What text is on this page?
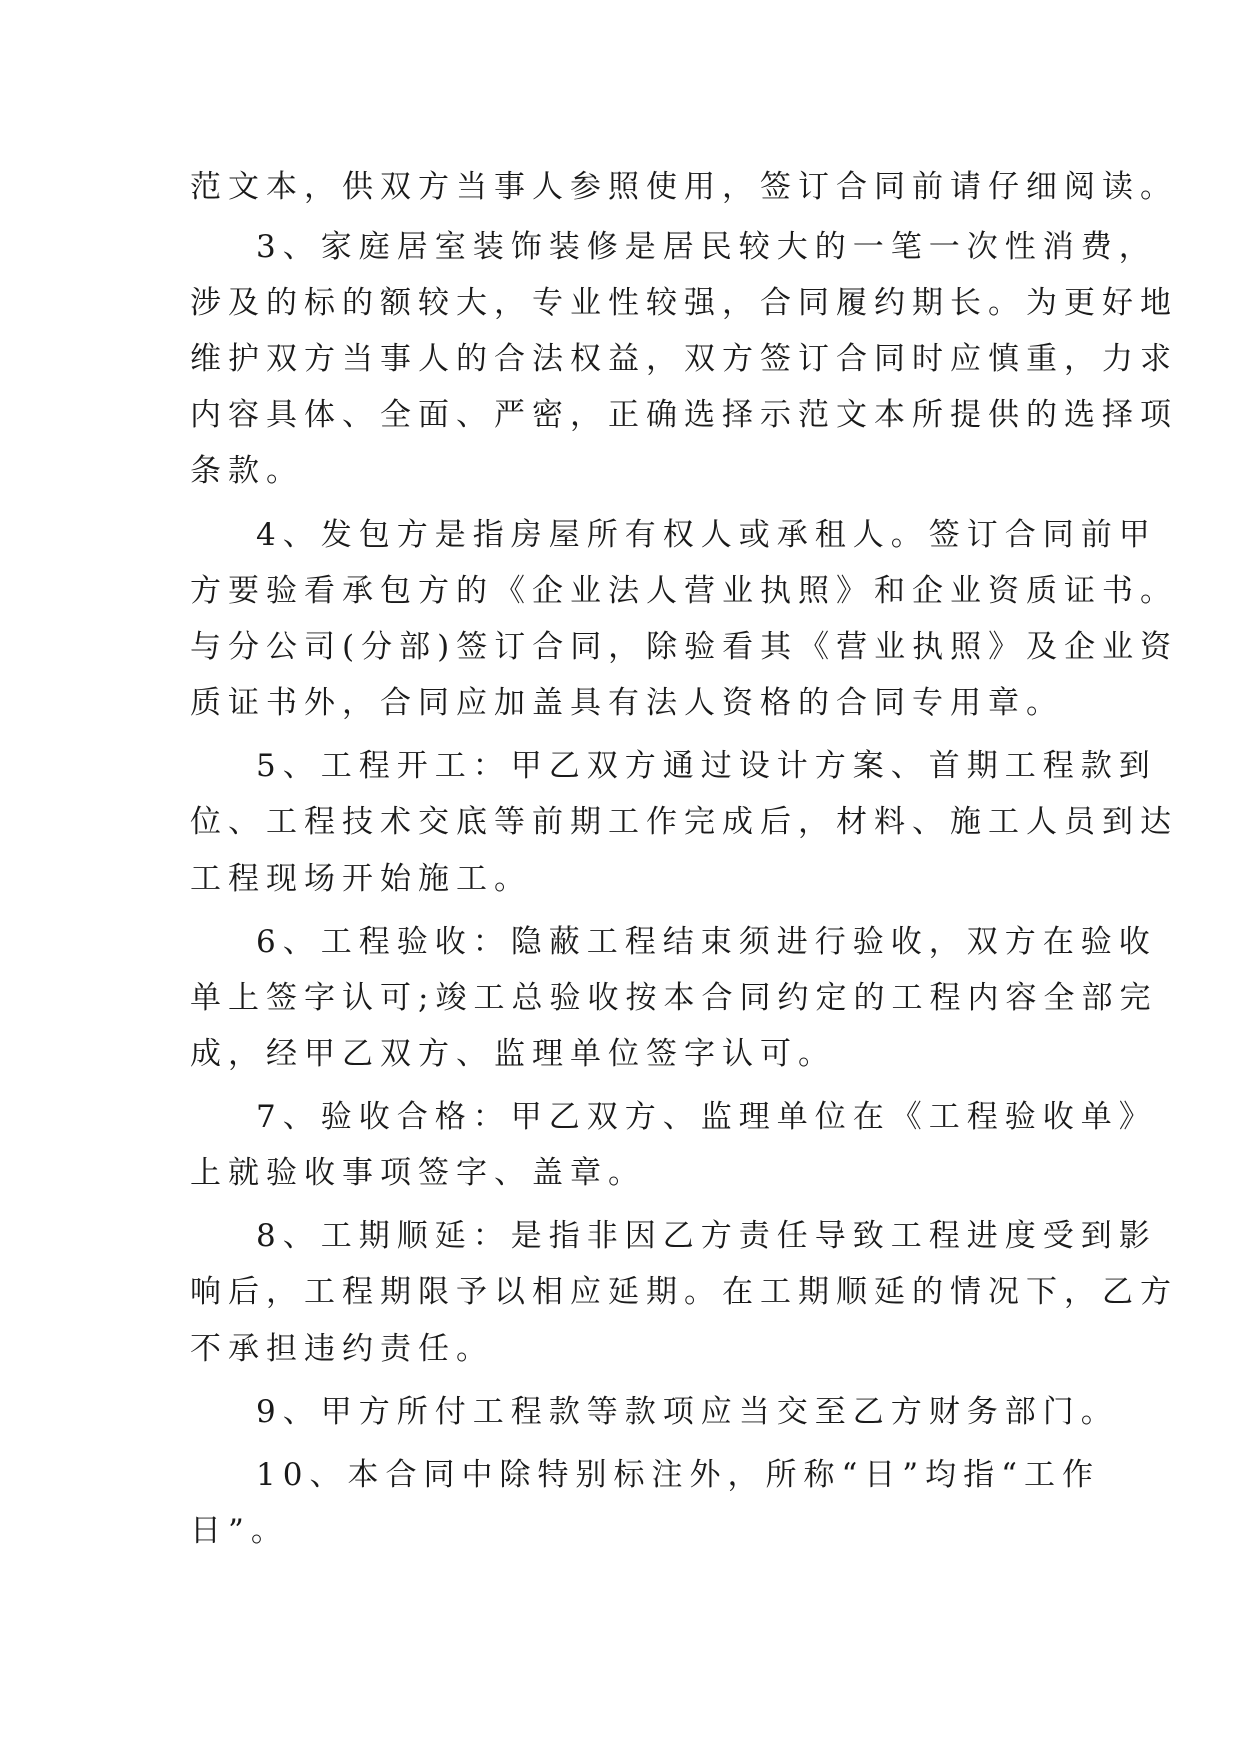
范文本，供双方当事人参照使用，签订合同前请仔细阅读。

3、家庭居室装饰装修是居民较大的一笔一次性消费，

涉及的标的额较大，专业性较强，合同履约期长。为更好地

维护双方当事人的合法权益，双方签订合同时应慎重，力求

内容具体、全面、严密，正确选择示范文本所提供的选择项

条款。

4、发包方是指房屋所有权人或承租人。签订合同前甲

方要验看承包方的《企业法人营业执照》和企业资质证书。

与分公司(分部)签订合同，除验看其《营业执照》及企业资

质证书外，合同应加盖具有法人资格的合同专用章。

5、工程开工：甲乙双方通过设计方案、首期工程款到

位、工程技术交底等前期工作完成后，材料、施工人员到达

工程现场开始施工。

6、工程验收：隐蔽工程结束须进行验收，双方在验收

单上签字认可;竣工总验收按本合同约定的工程内容全部完

成，经甲乙双方、监理单位签字认可。

7、验收合格：甲乙双方、监理单位在《工程验收单》

上就验收事项签字、盖章。

8、工期顺延：是指非因乙方责任导致工程进度受到影

响后，工程期限予以相应延期。在工期顺延的情况下，乙方

不承担违约责任。

9、甲方所付工程款等款项应当交至乙方财务部门。

10、本合同中除特别标注外，所称“日”均指“工作

日”。
